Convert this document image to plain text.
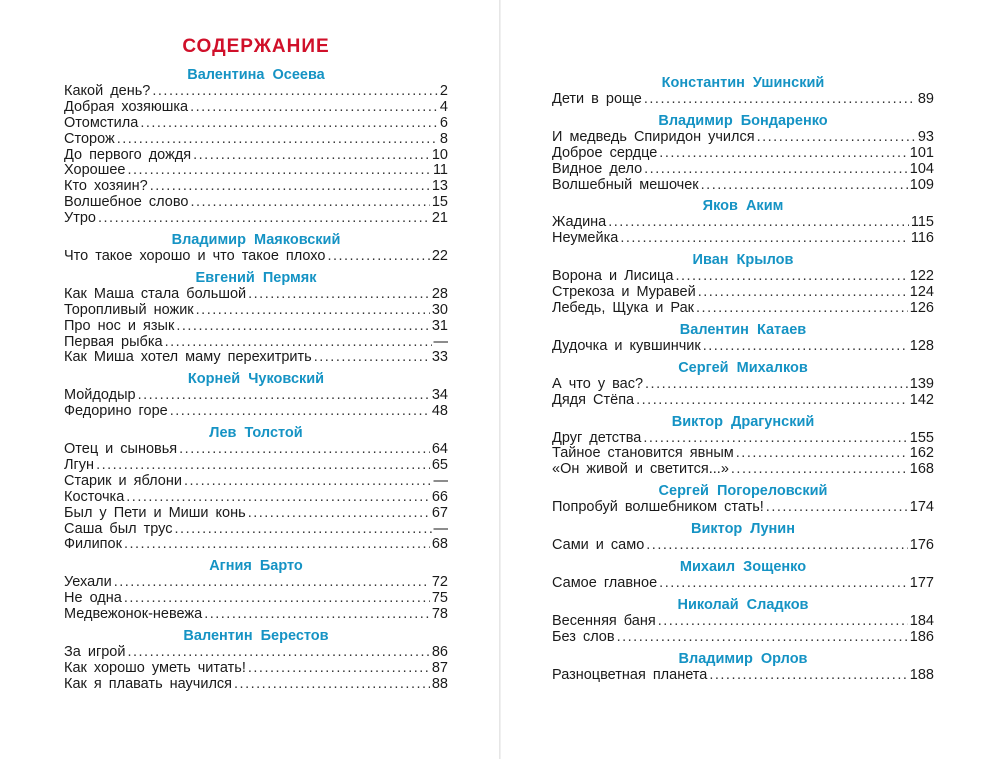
СОДЕРЖАНИЕ
Валентина Осеева
Какой день? .....	2
Добрая хозяюшка .....	4
Отомстила .....	6
Сторож .....	8
До первого дождя .....	10
Хорошее .....	11
Кто хозяин? .....	13
Волшебное слово .....	15
Утро .....	21
Владимир Маяковский
Что такое хорошо и что такое плохо .....	22
Евгений Пермяк
Как Маша стала большой .....	28
Торопливый ножик .....	30
Про нос и язык .....	31
Первая рыбка .....	—
Как Миша хотел маму перехитрить .....	33
Корней Чуковский
Мойдодыр .....	34
Федорино горе .....	48
Лев Толстой
Отец и сыновья .....	64
Лгун .....	65
Старик и яблони .....	—
Косточка .....	66
Был у Пети и Миши конь .....	67
Саша был трус .....	—
Филипок .....	68
Агния Барто
Уехали .....	72
Не одна .....	75
Медвежонок-невежа .....	78
Валентин Берестов
За игрой .....	86
Как хорошо уметь читать! .....	87
Как я плавать научился .....	88
Константин Ушинский
Дети в роще .....	89
Владимир Бондаренко
И медведь Спиридон учился .....	93
Доброе сердце .....	101
Видное дело .....	104
Волшебный мешочек .....	109
Яков Аким
Жадина .....	115
Неумейка .....	116
Иван Крылов
Ворона и Лисица .....	122
Стрекоза и Муравей .....	124
Лебедь, Щука и Рак .....	126
Валентин Катаев
Дудочка и кувшинчик .....	128
Сергей Михалков
А что у вас? .....	139
Дядя Стёпа .....	142
Виктор Драгунский
Друг детства .....	155
Тайное становится явным .....	162
«Он живой и светится...» .....	168
Сергей Погореловский
Попробуй волшебником стать! .....	174
Виктор Лунин
Сами и само .....	176
Михаил Зощенко
Самое главное .....	177
Николай Сладков
Весенняя баня .....	184
Без слов .....	186
Владимир Орлов
Разноцветная планета .....	188
